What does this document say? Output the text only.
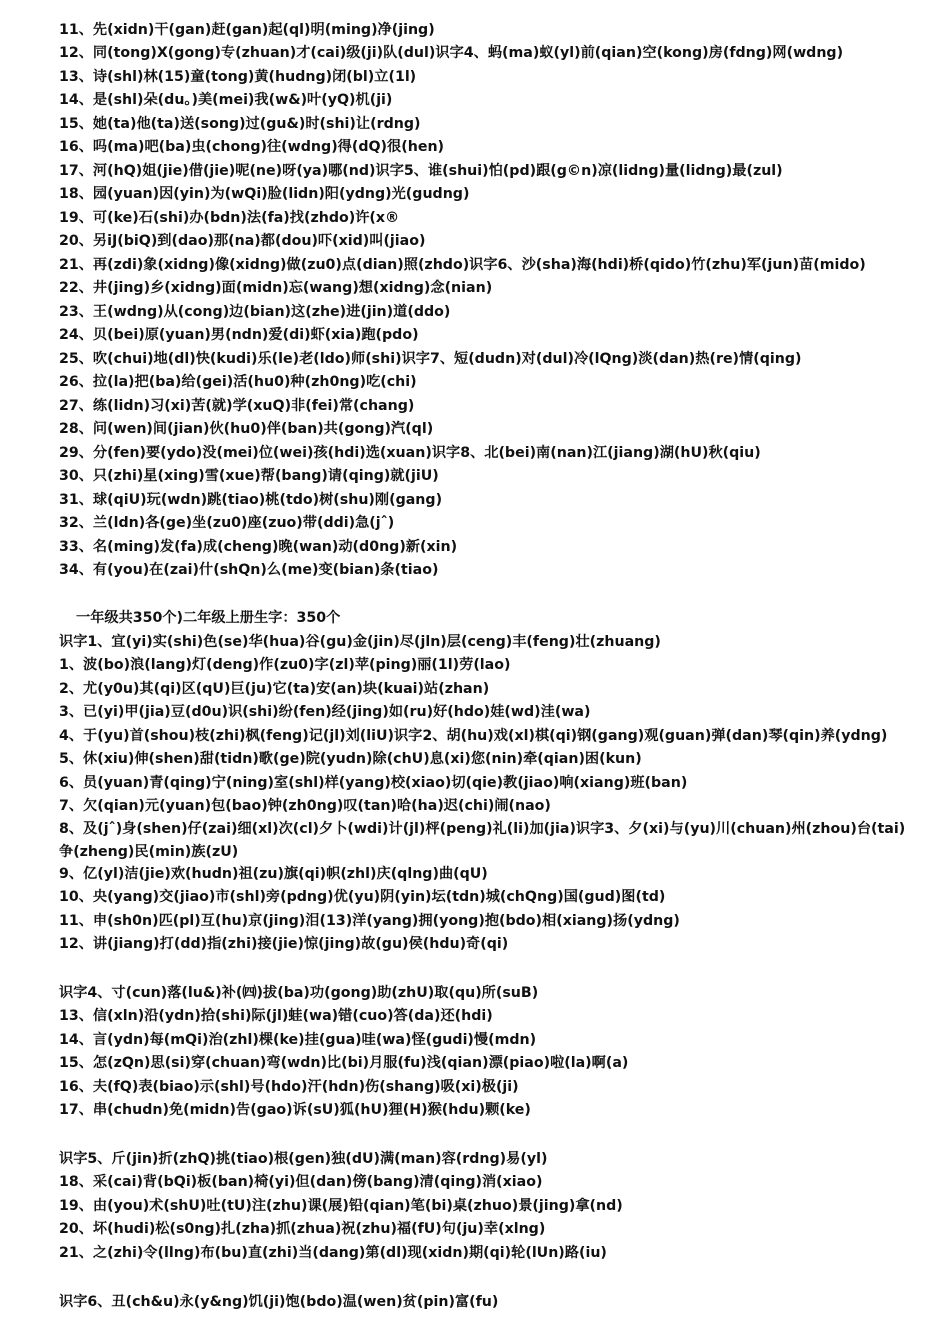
11、先(xidn)干(gan)赶(gan)起(ql)明(ming)净(jing)
12、同(tong)X(gong)专(zhuan)才(cai)级(ji)队(dul)识字4、蚂(ma)蚁(yl)前(qian)空(kong)房(fdng)网(wdng)
13、诗(shl)林(15)童(tong)黄(hudng)闭(bl)立(1l)
14、是(shl)朵(du。)美(mei)我(w&)叶(yQ)机(ji)
15、她(ta)他(ta)送(song)过(gu&)时(shi)让(rdng)
16、吗(ma)吧(ba)虫(chong)往(wdng)得(dQ)很(hen)
17、河(hQ)姐(jie)借(jie)呢(ne)呀(ya)哪(nd)识字5、谁(shui)怕(pd)跟(g©n)凉(lidng)量(lidng)最(zul)
18、园(yuan)因(yin)为(wQi)脸(lidn)阳(ydng)光(gudng)
19、可(ke)石(shi)办(bdn)法(fa)找(zhdo)许(x®
20、另iJ(biQ)到(dao)那(na)都(dou)吓(xid)叫(jiao)
21、再(zdi)象(xidng)像(xidng)做(zu0)点(dian)照(zhdo)识字6、沙(sha)海(hdi)桥(qido)竹(zhu)军(jun)苗(mido)
22、井(jing)乡(xidng)面(midn)忘(wang)想(xidng)念(nian)
23、王(wdng)从(cong)边(bian)这(zhe)进(jin)道(ddo)
24、贝(bei)原(yuan)男(ndn)爱(di)虾(xia)跑(pdo)
25、吹(chui)地(dl)快(kudi)乐(le)老(ldo)师(shi)识字7、短(dudn)对(dul)冷(lQng)淡(dan)热(re)情(qing)
26、拉(la)把(ba)给(gei)活(hu0)种(zh0ng)吃(chi)
27、练(lidn)习(xi)苦(就)学(xuQ)非(fei)常(chang)
28、问(wen)间(jian)伙(hu0)伴(ban)共(gong)汽(ql)
29、分(fen)要(ydo)没(mei)位(wei)孩(hdi)选(xuan)识字8、北(bei)南(nan)江(jiang)湖(hU)秋(qiu)
30、只(zhi)星(xing)雪(xue)帮(bang)请(qing)就(jiU)
31、球(qiU)玩(wdn)跳(tiao)桃(tdo)树(shu)刚(gang)
32、兰(ldn)各(ge)坐(zu0)座(zuo)带(ddi)急(jˆ)
33、名(ming)发(fa)成(cheng)晚(wan)动(d0ng)新(xin)
34、有(you)在(zai)什(shQn)么(me)变(bian)条(tiao)
一年级共350个)二年级上册生字：350个
识字1、宜(yi)实(shi)色(se)华(hua)谷(gu)金(jin)尽(jln)层(ceng)丰(feng)壮(zhuang)
1、波(bo)浪(lang)灯(deng)作(zu0)字(zl)苹(ping)丽(1l)劳(lao)
2、尤(y0u)其(qi)区(qU)巨(ju)它(ta)安(an)块(kuai)站(zhan)
3、已(yi)甲(jia)豆(d0u)识(shi)纷(fen)经(jing)如(ru)好(hdo)娃(wd)洼(wa)
4、于(yu)首(shou)枝(zhi)枫(feng)记(jl)刘(liU)识字2、胡(hu)戏(xl)棋(qi)钢(gang)观(guan)弹(dan)琴(qin)养(ydng)
5、休(xiu)伸(shen)甜(tidn)歌(ge)院(yudn)除(chU)息(xi)您(nin)牵(qian)困(kun)
6、员(yuan)青(qing)宁(ning)室(shl)样(yang)校(xiao)切(qie)教(jiao)响(xiang)班(ban)
7、欠(qian)元(yuan)包(bao)钟(zh0ng)叹(tan)哈(ha)迟(chi)闹(nao)
8、及(jˆ)身(shen)仔(zai)细(xl)次(cl)夕卜(wdi)计(jl)枰(peng)礼(li)加(jia)识字3、夕(xi)与(yu)川(chuan)州(zhou)台(tai)争(zheng)民(min)族(zU)
9、亿(yl)洁(jie)欢(hudn)祖(zu)旗(qi)帜(zhl)庆(qlng)曲(qU)
10、央(yang)交(jiao)市(shl)旁(pdng)优(yu)阴(yin)坛(tdn)城(chQng)国(gud)图(td)
11、申(sh0n)匹(pl)互(hu)京(jing)泪(13)洋(yang)拥(yong)抱(bdo)相(xiang)扬(ydng)
12、讲(jiang)打(dd)指(zhi)接(jie)惊(jing)故(gu)侯(hdu)奇(qi)
识字4、寸(cun)落(lu&)补(㈣)拔(ba)功(gong)助(zhU)取(qu)所(suB)
13、信(xln)沿(ydn)拾(shi)际(jl)蛙(wa)错(cuo)答(da)还(hdi)
14、言(ydn)每(mQi)治(zhl)棵(ke)挂(gua)哇(wa)怪(gudi)慢(mdn)
15、怎(zQn)思(si)穿(chuan)弯(wdn)比(bi)月服(fu)浅(qian)漂(piao)啦(la)啊(a)
16、夫(fQ)表(biao)示(shl)号(hdo)汗(hdn)伤(shang)吸(xi)极(ji)
17、串(chudn)免(midn)告(gao)诉(sU)狐(hU)狸(H)猴(hdu)颗(ke)
识字5、斤(jin)折(zhQ)挑(tiao)根(gen)独(dU)满(man)容(rdng)易(yl)
18、采(cai)背(bQi)板(ban)椅(yi)但(dan)傍(bang)清(qing)消(xiao)
19、由(you)术(shU)吐(tU)注(zhu)课(展)铅(qian)笔(bi)桌(zhuo)景(jing)拿(nd)
20、坏(hudi)松(s0ng)扎(zha)抓(zhua)祝(zhu)福(fU)句(ju)幸(xlng)
21、之(zhi)令(llng)布(bu)直(zhi)当(dang)第(dl)现(xidn)期(qi)轮(lUn)路(iu)
识字6、丑(ch&u)永(y&ng)饥(ji)饱(bdo)温(wen)贫(pin)富(fu)
